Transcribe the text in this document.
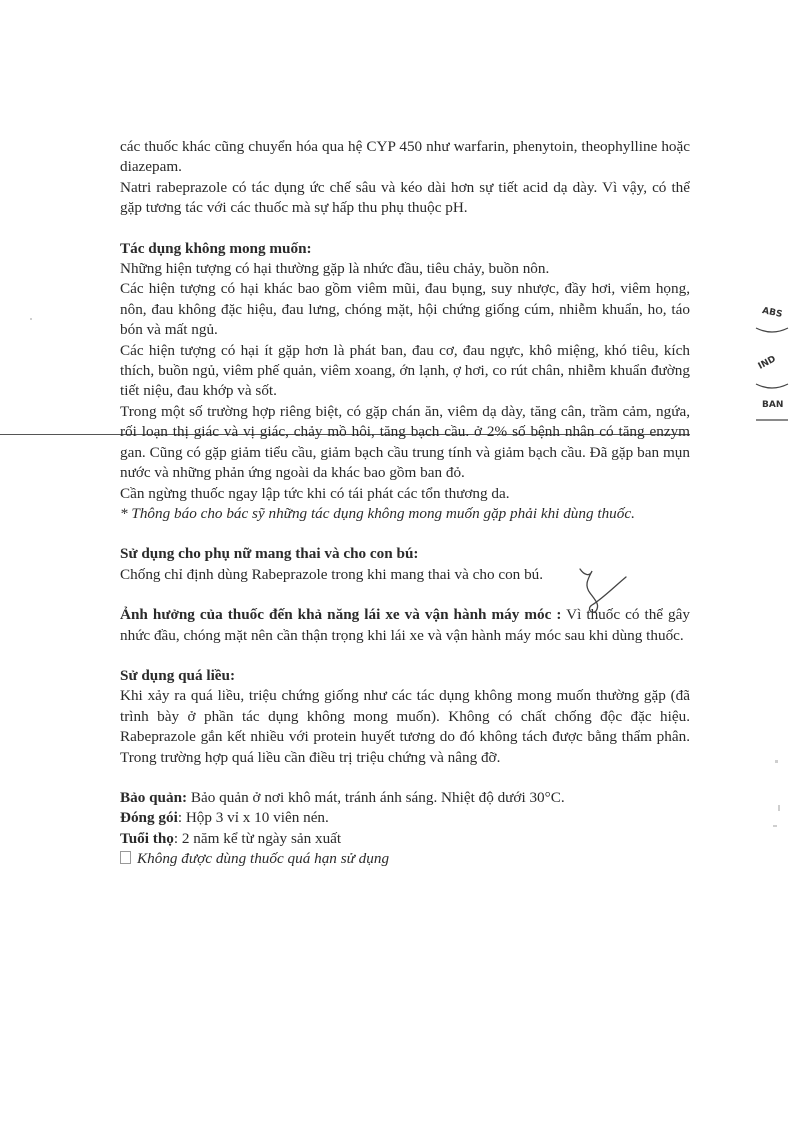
các thuốc khác cũng chuyển hóa qua hệ CYP 450 như warfarin, phenytoin, theophylline hoặc diazepam.

Natri rabeprazole có tác dụng ức chế sâu và kéo dài hơn sự tiết acid dạ dày. Vì vậy, có thể gặp tương tác với các thuốc mà sự hấp thu phụ thuộc pH.

Tác dụng không mong muốn:

Những hiện tượng có hại thường gặp là nhức đầu, tiêu chảy, buồn nôn.

Các hiện tượng có hại khác bao gồm viêm mũi, đau bụng, suy nhược, đầy hơi, viêm họng, nôn, đau không đặc hiệu, đau lưng, chóng mặt, hội chứng giống cúm, nhiễm khuẩn, ho, táo bón và mất ngủ.

Các hiện tượng có hại ít gặp hơn là phát ban, đau cơ, đau ngực, khô miệng, khó tiêu, kích thích, buồn ngủ, viêm phế quản, viêm xoang, ớn lạnh, ợ hơi, co rút chân, nhiễm khuẩn đường tiết niệu, đau khớp và sốt.

Trong một số trường hợp riêng biệt, có gặp chán ăn, viêm dạ dày, tăng cân, trầm cảm, ngứa, rối loạn thị giác và vị giác, chảy mồ hôi, tăng bạch cầu. ở 2% số bệnh nhân có tăng enzym gan. Cũng có gặp giảm tiểu cầu, giảm bạch cầu trung tính và giảm bạch cầu. Đã gặp ban mụn nước và những phản ứng ngoài da khác bao gồm ban đỏ.

Cần ngừng thuốc ngay lập tức khi có tái phát các tổn thương da.

* Thông báo cho bác sỹ những tác dụng không mong muốn gặp phải khi dùng thuốc.

Sử dụng cho phụ nữ mang thai và cho con bú:

Chống chỉ định dùng Rabeprazole trong khi mang thai và cho con bú.

Ảnh hưởng của thuốc đến khả năng lái xe và vận hành máy móc : Vì thuốc có thể gây nhức đầu, chóng mặt nên cần thận trọng khi lái xe và vận hành máy móc sau khi dùng thuốc.

Sử dụng quá liều:

Khi xảy ra quá liều, triệu chứng giống như các tác dụng không mong muốn thường gặp (đã trình bày ở phần tác dụng không mong muốn). Không có chất chống độc đặc hiệu. Rabeprazole gắn kết nhiều với protein huyết tương do đó không tách được bằng thẩm phân. Trong trường hợp quá liều cần điều trị triệu chứng và nâng đỡ.

Bảo quản: Bảo quản ở nơi khô mát, tránh ánh sáng. Nhiệt độ dưới 30°C.

Đóng gói: Hộp 3 vỉ x 10 viên nén.

Tuổi thọ: 2 năm kể từ ngày sản xuất

Không được dùng thuốc quá hạn sử dụng

ABS
IND
BAN
